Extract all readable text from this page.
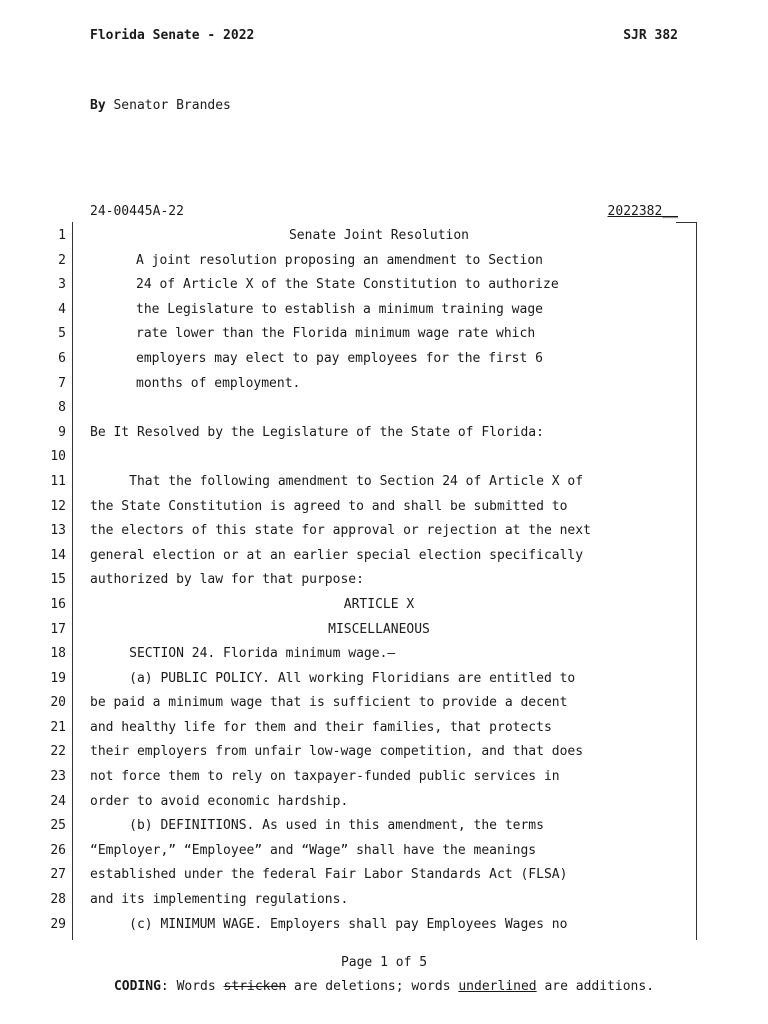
Florida Senate - 2022	SJR 382
By Senator Brandes
24-00445A-22	2022382__
1	Senate Joint Resolution
2	A joint resolution proposing an amendment to Section
3	24 of Article X of the State Constitution to authorize
4	the Legislature to establish a minimum training wage
5	rate lower than the Florida minimum wage rate which
6	employers may elect to pay employees for the first 6
7	months of employment.
8
9 Be It Resolved by the Legislature of the State of Florida:
10
11 That the following amendment to Section 24 of Article X of
12 the State Constitution is agreed to and shall be submitted to
13 the electors of this state for approval or rejection at the next
14 general election or at an earlier special election specifically
15 authorized by law for that purpose:
16	ARTICLE X
17	MISCELLANEOUS
18 SECTION 24. Florida minimum wage.—
19 (a) PUBLIC POLICY. All working Floridians are entitled to
20 be paid a minimum wage that is sufficient to provide a decent
21 and healthy life for them and their families, that protects
22 their employers from unfair low-wage competition, and that does
23 not force them to rely on taxpayer-funded public services in
24 order to avoid economic hardship.
25 (b) DEFINITIONS. As used in this amendment, the terms
26 “Employer,” “Employee” and “Wage” shall have the meanings
27 established under the federal Fair Labor Standards Act (FLSA)
28 and its implementing regulations.
29 (c) MINIMUM WAGE. Employers shall pay Employees Wages no
Page 1 of 5
CODING: Words stricken are deletions; words underlined are additions.
